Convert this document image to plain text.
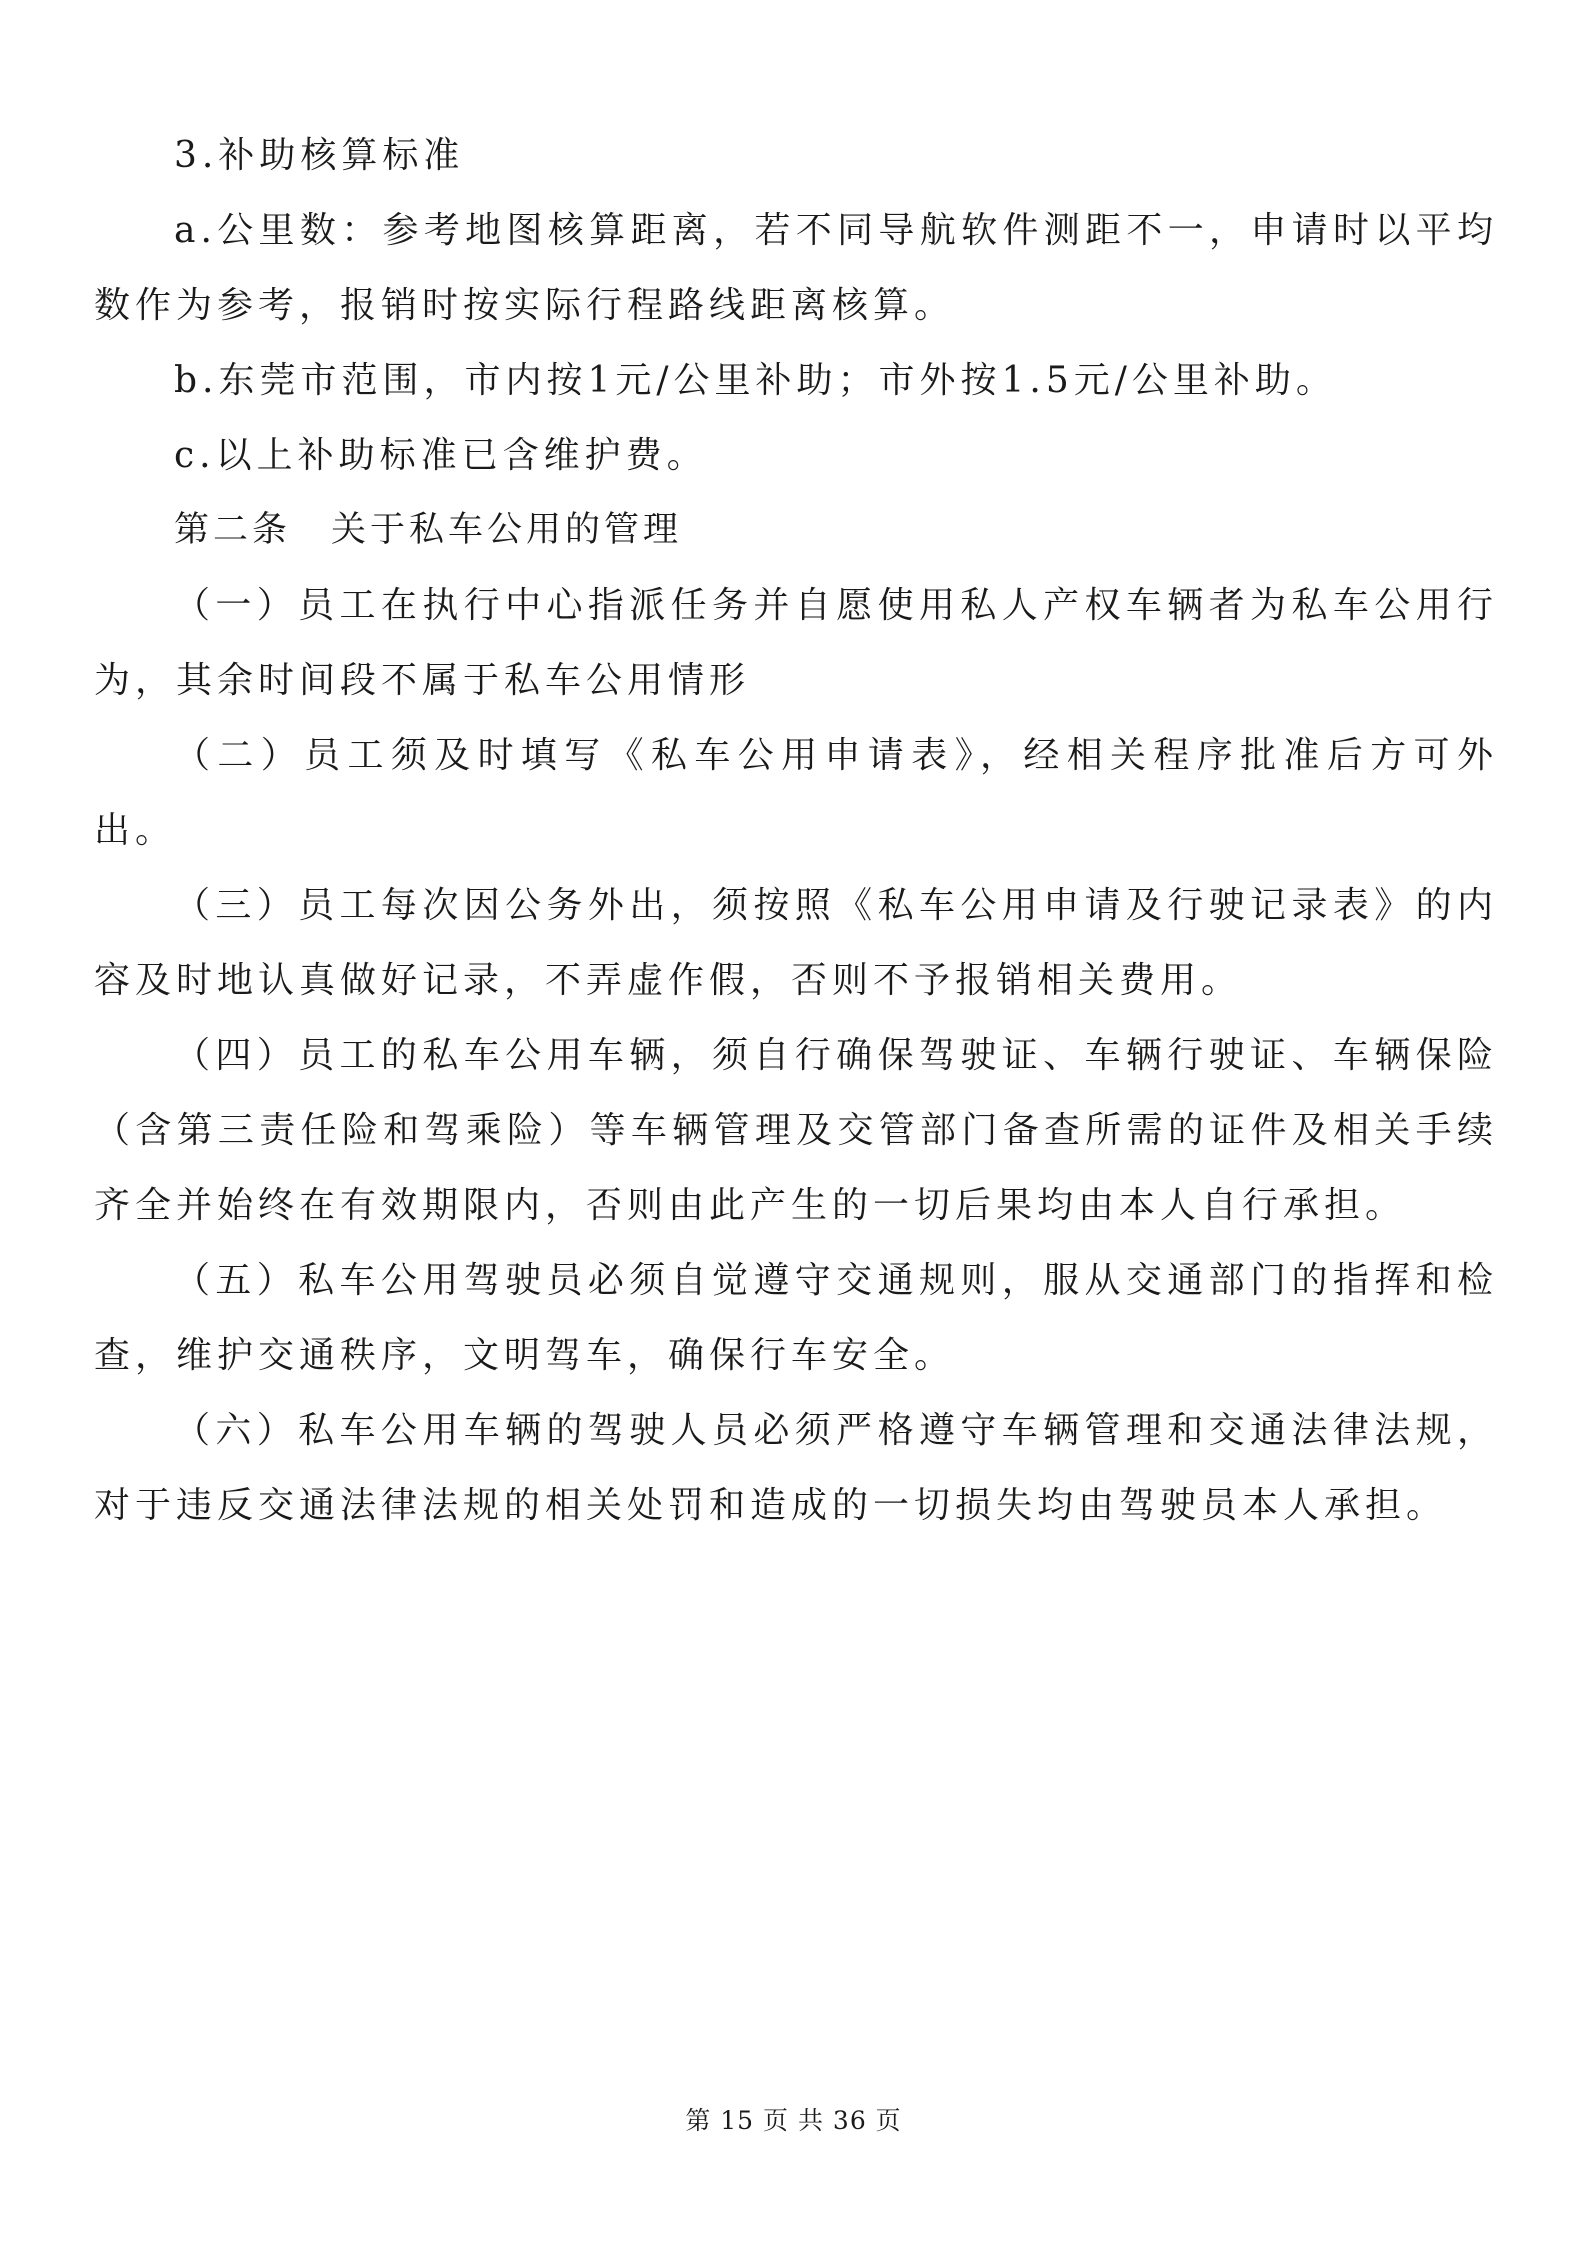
3.补助核算标准
a.公里数：参考地图核算距离，若不同导航软件测距不一，申请时以平均数作为参考，报销时按实际行程路线距离核算。
b.东莞市范围，市内按1元/公里补助；市外按1.5元/公里补助。
c.以上补助标准已含维护费。
第二条 关于私车公用的管理
（一）员工在执行中心指派任务并自愿使用私人产权车辆者为私车公用行为，其余时间段不属于私车公用情形
（二）员工须及时填写《私车公用申请表》，经相关程序批准后方可外出。
（三）员工每次因公务外出，须按照《私车公用申请及行驶记录表》的内容及时地认真做好记录，不弄虚作假，否则不予报销相关费用。
（四）员工的私车公用车辆，须自行确保驾驶证、车辆行驶证、车辆保险（含第三责任险和驾乘险）等车辆管理及交管部门备查所需的证件及相关手续齐全并始终在有效期限内，否则由此产生的一切后果均由本人自行承担。
（五）私车公用驾驶员必须自觉遵守交通规则，服从交通部门的指挥和检查，维护交通秩序，文明驾车，确保行车安全。
（六）私车公用车辆的驾驶人员必须严格遵守车辆管理和交通法律法规，对于违反交通法律法规的相关处罚和造成的一切损失均由驾驶员本人承担。
第 15 页 共 36 页
